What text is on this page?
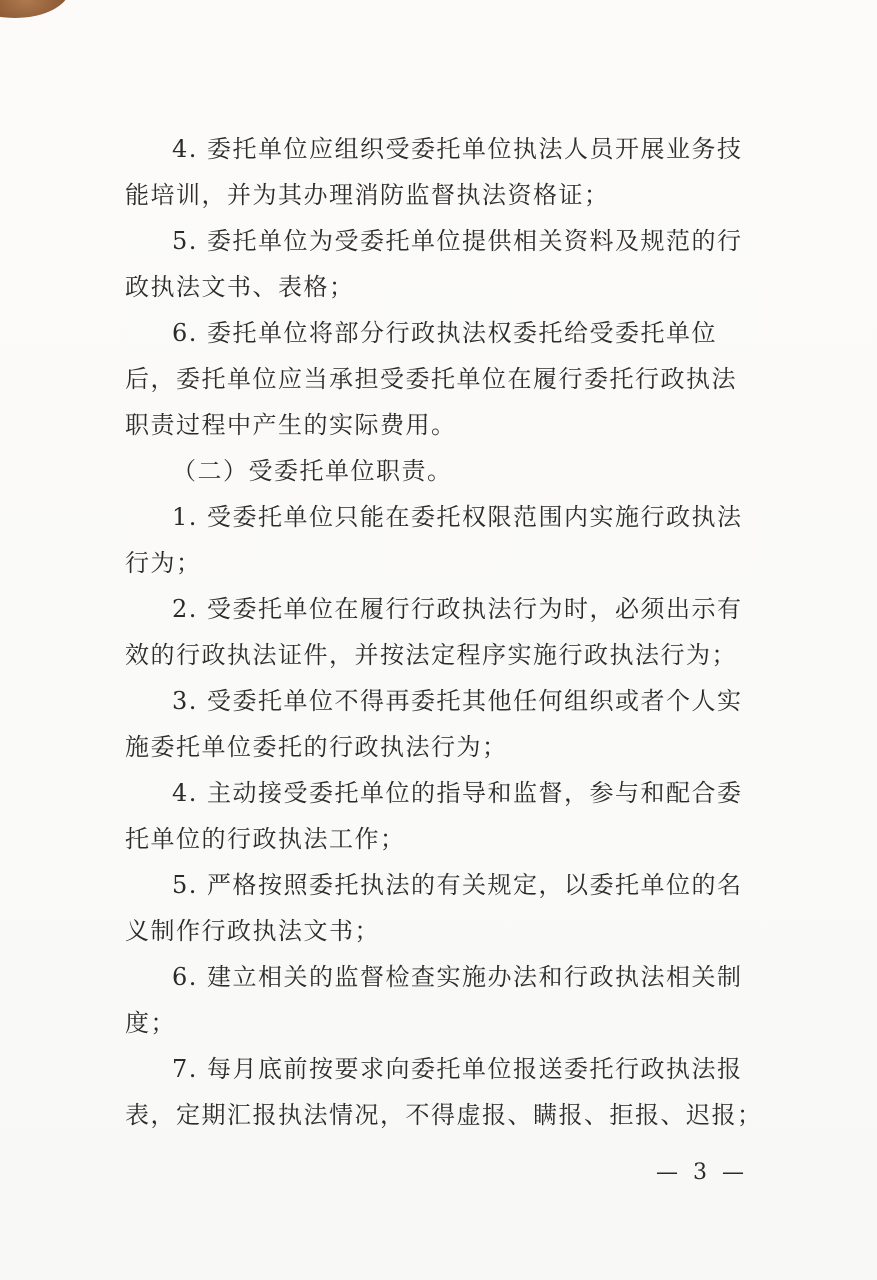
4. 委托单位应组织受委托单位执法人员开展业务技
能培训，并为其办理消防监督执法资格证；
5. 委托单位为受委托单位提供相关资料及规范的行
政执法文书、表格；
6. 委托单位将部分行政执法权委托给受委托单位
后，委托单位应当承担受委托单位在履行委托行政执法
职责过程中产生的实际费用。
（二）受委托单位职责。
1. 受委托单位只能在委托权限范围内实施行政执法
行为；
2. 受委托单位在履行行政执法行为时，必须出示有
效的行政执法证件，并按法定程序实施行政执法行为；
3. 受委托单位不得再委托其他任何组织或者个人实
施委托单位委托的行政执法行为；
4. 主动接受委托单位的指导和监督，参与和配合委
托单位的行政执法工作；
5. 严格按照委托执法的有关规定，以委托单位的名
义制作行政执法文书；
6. 建立相关的监督检查实施办法和行政执法相关制
度；
7. 每月底前按要求向委托单位报送委托行政执法报
表，定期汇报执法情况，不得虚报、瞒报、拒报、迟报；
— 3 —
